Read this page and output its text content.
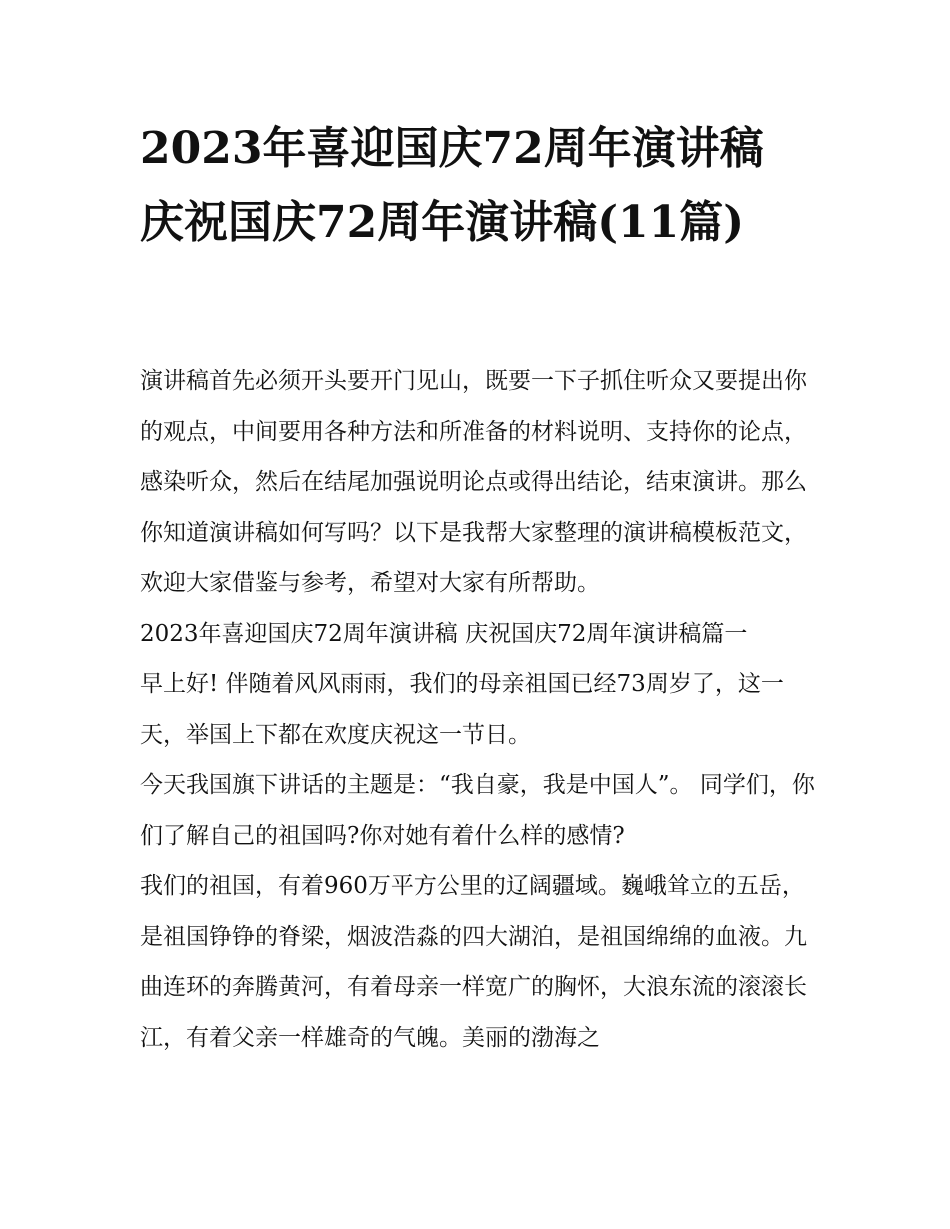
2023年喜迎国庆72周年演讲稿 庆祝国庆72周年演讲稿(11篇)

演讲稿首先必须开头要开门见山，既要一下子抓住听众又要提出你的观点，中间要用各种方法和所准备的材料说明、支持你的论点，感染听众，然后在结尾加强说明论点或得出结论，结束演讲。那么你知道演讲稿如何写吗？以下是我帮大家整理的演讲稿模板范文，欢迎大家借鉴与参考，希望对大家有所帮助。

2023年喜迎国庆72周年演讲稿 庆祝国庆72周年演讲稿篇一

早上好! 伴随着风风雨雨，我们的母亲祖国已经73周岁了，这一天，举国上下都在欢度庆祝这一节日。

今天我国旗下讲话的主题是：“我自豪，我是中国人”。 同学们，你们了解自己的祖国吗?你对她有着什么样的感情?

我们的祖国，有着960万平方公里的辽阔疆域。巍峨耸立的五岳，是祖国铮铮的脊梁，烟波浩淼的四大湖泊，是祖国绵绵的血液。九曲连环的奔腾黄河，有着母亲一样宽广的胸怀，大浪东流的滚滚长江，有着父亲一样雄奇的气魄。美丽的渤海之
